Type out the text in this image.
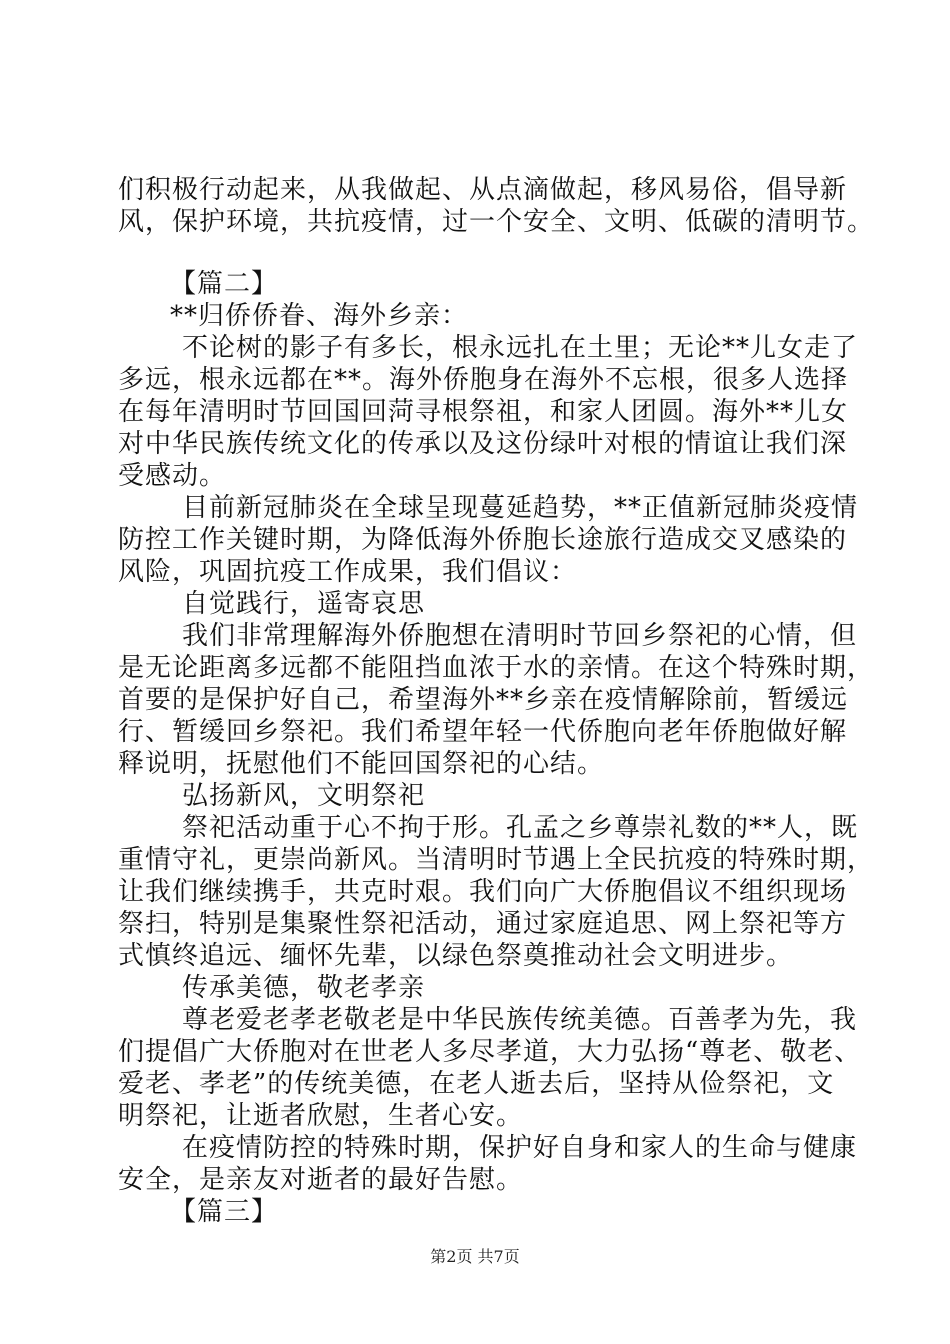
们积极行动起来，从我做起、从点滴做起，移风易俗，倡导新
风，保护环境，共抗疫情，过一个安全、文明、低碳的清明节。
【篇二】
**归侨侨眷、海外乡亲：
不论树的影子有多长，根永远扎在土里；无论**儿女走了
多远，根永远都在**。海外侨胞身在海外不忘根，很多人选择
在每年清明时节回国回菏寻根祭祖，和家人团圆。海外**儿女
对中华民族传统文化的传承以及这份绿叶对根的情谊让我们深
受感动。
目前新冠肺炎在全球呈现蔓延趋势，**正值新冠肺炎疫情
防控工作关键时期，为降低海外侨胞长途旅行造成交叉感染的
风险，巩固抗疫工作成果，我们倡议：
自觉践行，遥寄哀思
我们非常理解海外侨胞想在清明时节回乡祭祀的心情，但
是无论距离多远都不能阻挡血浓于水的亲情。在这个特殊时期，
首要的是保护好自己，希望海外**乡亲在疫情解除前，暂缓远
行、暂缓回乡祭祀。我们希望年轻一代侨胞向老年侨胞做好解
释说明，抚慰他们不能回国祭祀的心结。
弘扬新风，文明祭祀
祭祀活动重于心不拘于形。孔孟之乡尊崇礼数的**人，既
重情守礼，更崇尚新风。当清明时节遇上全民抗疫的特殊时期，
让我们继续携手，共克时艰。我们向广大侨胞倡议不组织现场
祭扫，特别是集聚性祭祀活动，通过家庭追思、网上祭祀等方
式慎终追远、缅怀先辈，以绿色祭奠推动社会文明进步。
传承美德，敬老孝亲
尊老爱老孝老敬老是中华民族传统美德。百善孝为先，我
们提倡广大侨胞对在世老人多尽孝道，大力弘扬“尊老、敬老、
爱老、孝老”的传统美德，在老人逝去后，坚持从俭祭祀，文
明祭祀，让逝者欣慰，生者心安。
在疫情防控的特殊时期，保护好自身和家人的生命与健康
安全，是亲友对逝者的最好告慰。
【篇三】
第2页 共7页
